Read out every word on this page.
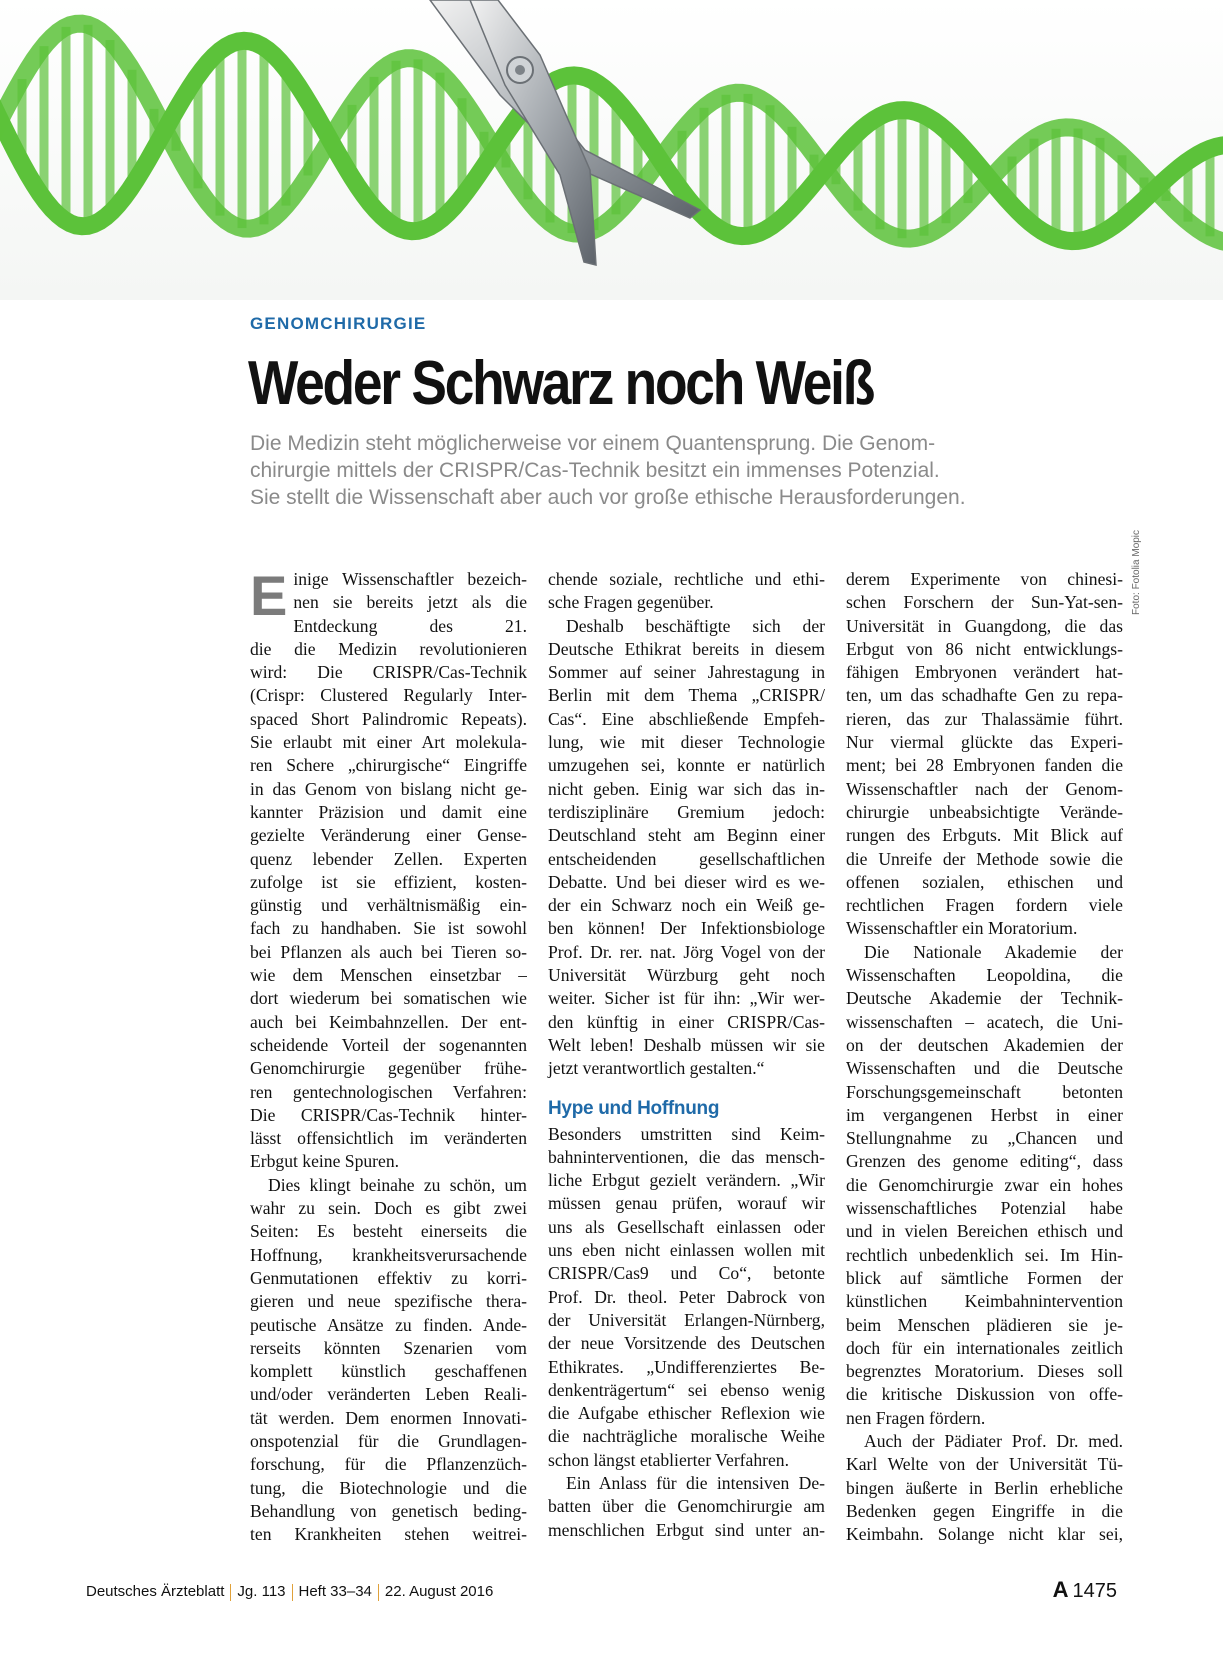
GENOMCHIRURGIE
Weder Schwarz noch Weiß

Die Medizin steht möglicherweise vor einem Quantensprung. Die Genom-
chirurgie mittels der CRISPR/Cas-Technik besitzt ein immenses Potenzial.
Sie stellt die Wissenschaft aber auch vor große ethische Herausforderungen.

Foto: Fotolia Mopic
E inige Wissenschaftler bezeich-
nen sie bereits jetzt als die
Entdeckung des 21.
die die Medizin revolutionieren
wird: Die CRISPR/Cas-Technik
(Crispr: Clustered Regularly Inter-
spaced Short Palindromic Repeats).
Sie erlaubt mit einer Art molekula-
ren Schere „chirurgische“ Eingriffe
in das Genom von bislang nicht ge-
kannter Präzision und damit eine
gezielte Veränderung einer Gense-
quenz lebender Zellen. Experten
zufolge ist sie effizient, kosten-
günstig und verhältnismäßig ein-
fach zu handhaben. Sie ist sowohl
bei Pflanzen als auch bei Tieren so-
wie dem Menschen einsetzbar –
dort wiederum bei somatischen wie
auch bei Keimbahnzellen. Der ent-
scheidende Vorteil der sogenannten
Genomchirurgie gegenüber frühe-
ren gentechnologischen Verfahren:
Die CRISPR/Cas-Technik hinter-
lässt offensichtlich im veränderten
Erbgut keine Spuren.
Dies klingt beinahe zu schön, um
wahr zu sein. Doch es gibt zwei
Seiten: Es besteht einerseits die
Hoffnung, krankheitsverursachende
Genmutationen effektiv zu korri-
gieren und neue spezifische thera-
peutische Ansätze zu finden. Ande-
rerseits könnten Szenarien vom
komplett künstlich geschaffenen
und/oder veränderten Leben Reali-
tät werden. Dem enormen Innovati-
onspotenzial für die Grundlagen-
forschung, für die Pflanzenzüch-
tung, die Biotechnologie und die
Behandlung von genetisch beding-
ten Krankheiten stehen weitrei-
chende soziale, rechtliche und ethi-
sche Fragen gegenüber.
Deshalb beschäftigte sich der
Deutsche Ethikrat bereits in diesem
Sommer auf seiner Jahrestagung in
Berlin mit dem Thema „CRISPR/
Cas“. Eine abschließende Empfeh-
lung, wie mit dieser Technologie
umzugehen sei, konnte er natürlich
nicht geben. Einig war sich das in-
terdisziplinäre Gremium jedoch:
Deutschland steht am Beginn einer
entscheidenden gesellschaftlichen
Debatte. Und bei dieser wird es we-
der ein Schwarz noch ein Weiß ge-
ben können! Der Infektionsbiologe
Prof. Dr. rer. nat. Jörg Vogel von der
Universität Würzburg geht noch
weiter. Sicher ist für ihn: „Wir wer-
den künftig in einer CRISPR/Cas-
Welt leben! Deshalb müssen wir sie
jetzt verantwortlich gestalten.“
Hype und Hoffnung
Besonders umstritten sind Keim-
bahninterventionen, die das mensch-
liche Erbgut gezielt verändern. „Wir
müssen genau prüfen, worauf wir
uns als Gesellschaft einlassen oder
uns eben nicht einlassen wollen mit
CRISPR/Cas9 und Co“, betonte
Prof. Dr. theol. Peter Dabrock von
der Universität Erlangen-Nürnberg,
der neue Vorsitzende des Deutschen
Ethikrates. „Undifferenziertes Be-
denkenträgertum“ sei ebenso wenig
die Aufgabe ethischer Reflexion wie
die nachträgliche moralische Weihe
schon längst etablierter Verfahren.
Ein Anlass für die intensiven De-
batten über die Genomchirurgie am
menschlichen Erbgut sind unter an-
derem Experimente von chinesi-
schen Forschern der Sun-Yat-sen-
Universität in Guangdong, die das
Erbgut von 86 nicht entwicklungs-
fähigen Embryonen verändert hat-
ten, um das schadhafte Gen zu repa-
rieren, das zur Thalassämie führt.
Nur viermal glückte das Experi-
ment; bei 28 Embryonen fanden die
Wissenschaftler nach der Genom-
chirurgie unbeabsichtigte Verände-
rungen des Erbguts. Mit Blick auf
die Unreife der Methode sowie die
offenen sozialen, ethischen und
rechtlichen Fragen fordern viele
Wissenschaftler ein Moratorium.
Die Nationale Akademie der
Wissenschaften Leopoldina, die
Deutsche Akademie der Technik-
wissenschaften – acatech, die Uni-
on der deutschen Akademien der
Wissenschaften und die Deutsche
Forschungsgemeinschaft betonten
im vergangenen Herbst in einer
Stellungnahme zu „Chancen und
Grenzen des genome editing“, dass
die Genomchirurgie zwar ein hohes
wissenschaftliches Potenzial habe
und in vielen Bereichen ethisch und
rechtlich unbedenklich sei. Im Hin-
blick auf sämtliche Formen der
künstlichen Keimbahnintervention
beim Menschen plädieren sie je-
doch für ein internationales zeitlich
begrenztes Moratorium. Dieses soll
die kritische Diskussion von offe-
nen Fragen fördern.
Auch der Pädiater Prof. Dr. med.
Karl Welte von der Universität Tü-
bingen äußerte in Berlin erhebliche
Bedenken gegen Eingriffe in die
Keimbahn. Solange nicht klar sei,
Deutsches Ärzteblatt Jg. 113 Heft 33–34 22. August 2016	A 1475
